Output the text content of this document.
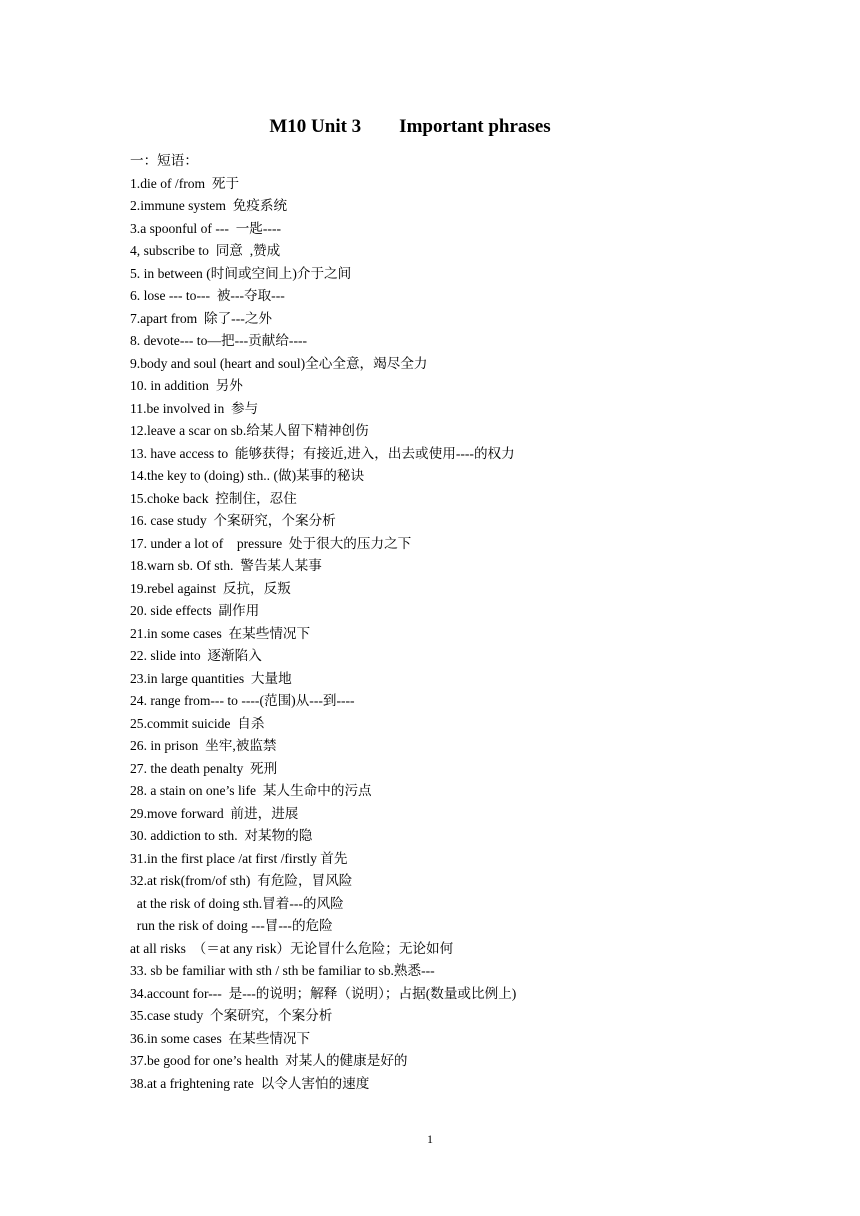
M10 Unit 3        Important phrases
一：短语：
1.die of /from  死于
2.immune system  免疫系统
3.a spoonful of ---  一匙----
4, subscribe to  同意  ,赞成
5. in between (时间或空间上)介于之间
6. lose --- to---  被---夺取---
7.apart from  除了---之外
8. devote--- to—把---贡献给----
9.body and soul (heart and soul)全心全意，竭尽全力
10. in addition  另外
11.be involved in  参与
12.leave a scar on sb.给某人留下精神创伤
13. have access to  能够获得；有接近,进入，出去或使用----的权力
14.the key to (doing) sth.. (做)某事的秘诀
15.choke back  控制住，忍住
16. case study  个案研究，个案分析
17. under a lot of    pressure  处于很大的压力之下
18.warn sb. Of sth.  警告某人某事
19.rebel against  反抗，反叛
20. side effects  副作用
21.in some cases  在某些情况下
22. slide into  逐渐陷入
23.in large quantities  大量地
24. range from--- to ----(范围)从---到----
25.commit suicide  自杀
26. in prison  坐牢,被监禁
27. the death penalty  死刑
28. a stain on one’s life  某人生命中的污点
29.move forward  前进，进展
30. addiction to sth.  对某物的隐
31.in the first place /at first /firstly 首先
32.at risk(from/of sth)  有危险，冒风险
at the risk of doing sth.冒着---的风险
run the risk of doing ---冒---的危险
at all risks  （＝at any risk）无论冒什么危险；无论如何
33. sb be familiar with sth / sth be familiar to sb.熟悉---
34.account for---  是---的说明；解释（说明）；占据(数量或比例上)
35.case study  个案研究，个案分析
36.in some cases  在某些情况下
37.be good for one’s health  对某人的健康是好的
38.at a frightening rate  以令人害怕的速度
1
